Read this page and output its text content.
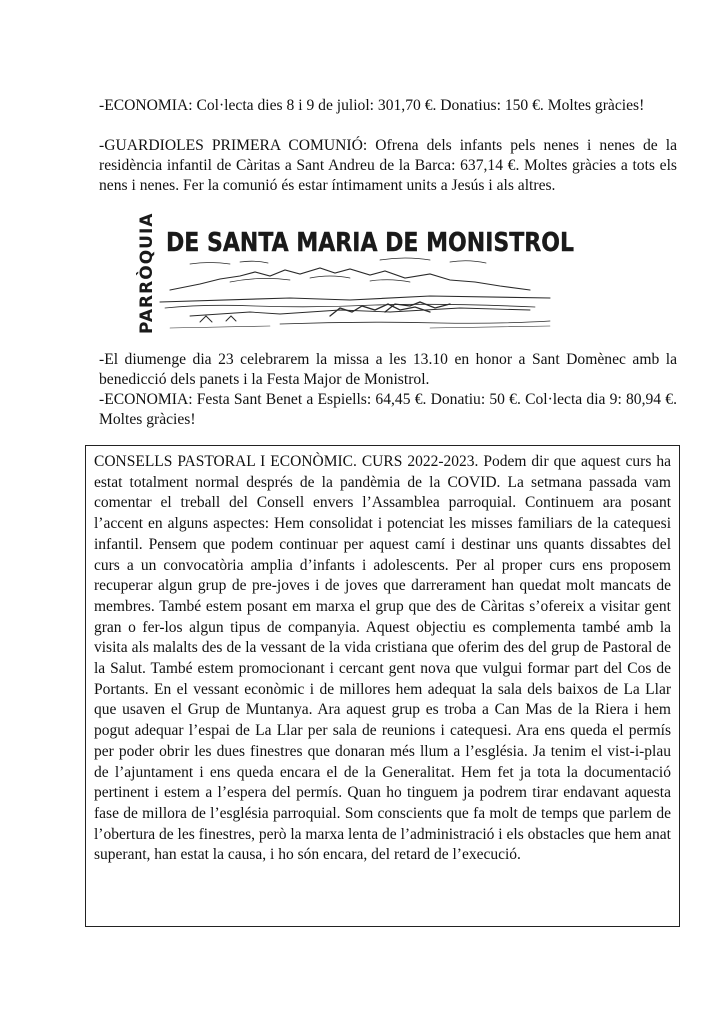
-ECONOMIA: Col·lecta dies 8 i 9 de juliol: 301,70 €. Donatius: 150 €. Moltes gràcies!

-GUARDIOLES PRIMERA COMUNIÓ: Ofrena dels infants pels nenes i nenes de la residència infantil de Càritas a Sant Andreu de la Barca: 637,14 €. Moltes gràcies a tots els nens i nenes. Fer la comunió és estar íntimament units a Jesús i als altres.

PARRÒQUIA DE SANTA MARIA DE MONISTROL

-El diumenge dia 23 celebrarem la missa a les 13.10 en honor a Sant Domènec amb la benedicció dels panets i la Festa Major de Monistrol.

-ECONOMIA: Festa Sant Benet a Espiells: 64,45 €. Donatiu: 50 €. Col·lecta dia 9: 80,94 €. Moltes gràcies!

CONSELLS PASTORAL I ECONÒMIC. CURS 2022-2023. Podem dir que aquest curs ha estat totalment normal després de la pandèmia de la COVID. La setmana passada vam comentar el treball del Consell envers l’Assamblea parroquial. Continuem ara posant l’accent en alguns aspectes: Hem consolidat i potenciat les misses familiars de la catequesi infantil. Pensem que podem continuar per aquest camí i destinar uns quants dissabtes del curs a un convocatòria amplia d’infants i adolescents. Per al proper curs ens proposem recuperar algun grup de pre-joves i de joves que darrerament han quedat molt mancats de membres. També estem posant em marxa el grup que des de Càritas s’ofereix a visitar gent gran o fer-los algun tipus de companyia. Aquest objectiu es complementa també amb la visita als malalts des de la vessant de la vida cristiana que oferim des del grup de Pastoral de la Salut. També estem promocionant i cercant gent nova que vulgui formar part del Cos de Portants. En el vessant econòmic i de millores hem adequat la sala dels baixos de La Llar que usaven el Grup de Muntanya. Ara aquest grup es troba a Can Mas de la Riera i hem pogut adequar l’espai de La Llar per sala de reunions i catequesi. Ara ens queda el permís per poder obrir les dues finestres que donaran més llum a l’església. Ja tenim el vist-i-plau de l’ajuntament i ens queda encara el de la Generalitat. Hem fet ja tota la documentació pertinent i estem a l’espera del permís. Quan ho tinguem ja podrem tirar endavant aquesta fase de millora de l’església parroquial. Som conscients que fa molt de temps que parlem de l’obertura de les finestres, però la marxa lenta de l’administració i els obstacles que hem anat superant, han estat la causa, i ho són encara, del retard de l’execució.
